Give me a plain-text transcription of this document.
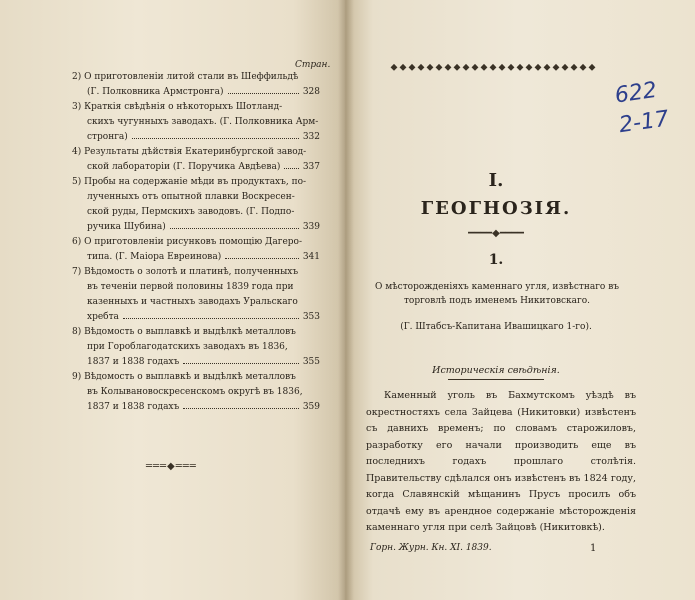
Стран.
2) О приготовленіи литой стали въ Шеффильдѣ
(Г. Полковника Армстронга)	328
3) Краткія свѣдѣнія о нѣкоторыхъ Шотланд-
скихъ чугунныхъ заводахъ. (Г. Полковника Арм-
стронга)	332
4) Результаты дѣйствія Екатеринбургской завод-
ской лабораторіи (Г. Поручика Авдѣева) 337
5) Пробы на содержаніе мѣди въ продуктахъ, по-
лученныхъ отъ опытной плавки Воскресен-
ской руды, Пермскихъ заводовъ. (Г. Подпо-
ручика Шубина)	339
6) О приготовленіи рисунковъ помощію Дагеро-
типа. (Г. Маіора Евреинова)	341
7) Вѣдомость о золотѣ и платинѣ, полученныхъ
въ теченіи первой половины 1839 года при
казенныхъ и частныхъ заводахъ Уральскаго
хребта	353
8) Вѣдомость о выплавкѣ и выдѣлкѣ металловъ
при Гороблагодатскихъ заводахъ въ 1836,
1837 и 1838 годахъ	355
9) Вѣдомость о выплавкѣ и выдѣлкѣ металловъ
въ Колывановоскресенскомъ округѣ въ 1836,
1837 и 1838 годахъ	359
═══◆═══
⬥⬥⬥⬥⬥⬥⬥⬥⬥⬥⬥⬥⬥⬥⬥⬥⬥⬥⬥⬥⬥⬥⬥
622
2-17
I.
ГЕОГНОЗІЯ.
━━━━◆━━━━
1.
О мѣсторожденіяхъ каменнаго угля, извѣстнаго въ торговлѣ подъ именемъ Никитовскаго.
(Г. Штабсъ-Капитана Ивашицкаго 1-го).
Историческія свѣдѣнія.
Каменный уголь въ Бахмутскомъ уѣздѣ въ окрестностяхъ села Зайцева (Никитовки) извѣстенъ съ давнихъ временъ; по словамъ старожиловъ, разработку его начали производить еще въ последнихъ годахъ прошлаго столѣтія. Правительству сдѣлался онъ извѣстенъ въ 1824 году, когда Славянскій мѣщанинъ Прусъ просилъ объ отдачѣ ему въ арендное содержаніе мѣсторожденія каменнаго угля при селѣ Зайцовѣ (Никитовкѣ).
Горн. Журн. Кн. XI. 1839.	1
